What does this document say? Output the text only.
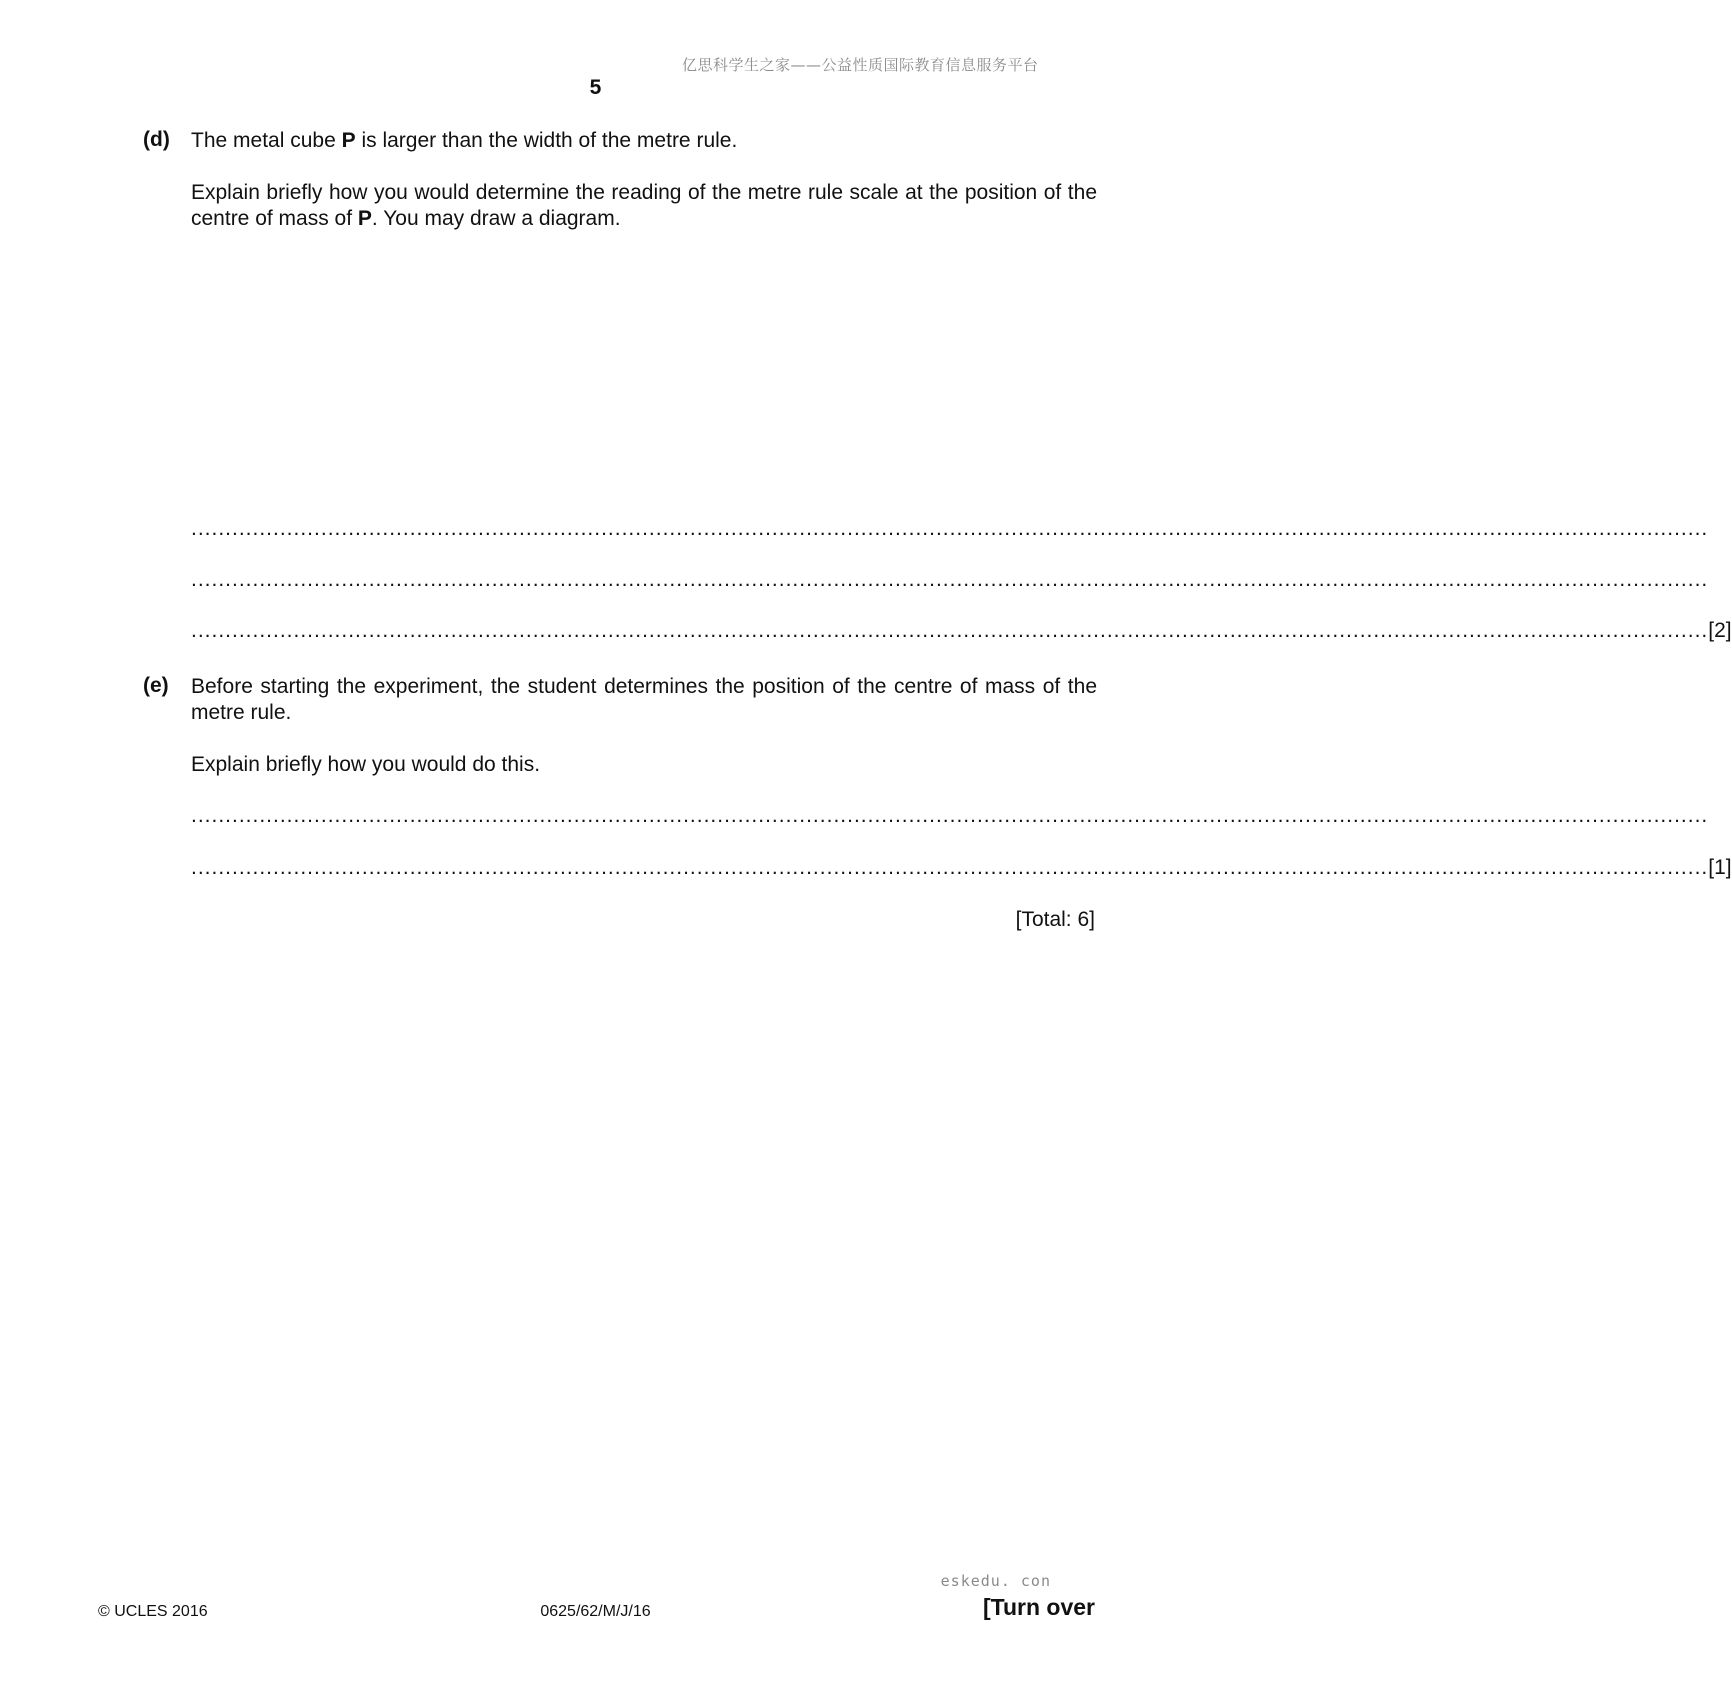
亿思科学生之家——公益性质国际教育信息服务平台
5
(d) The metal cube P is larger than the width of the metre rule.
Explain briefly how you would determine the reading of the metre rule scale at the position of the centre of mass of P. You may draw a diagram.
..............................................................................................................................................................................................................................
..............................................................................................................................................................................................................................
.............................................................................................................................................................................................................................. [2]
(e) Before starting the experiment, the student determines the position of the centre of mass of the metre rule.
Explain briefly how you would do this.
..............................................................................................................................................................................................................................
.............................................................................................................................................................................................................................. [1]
[Total: 6]
eskedu. con
© UCLES 2016	0625/62/M/J/16	[Turn over
